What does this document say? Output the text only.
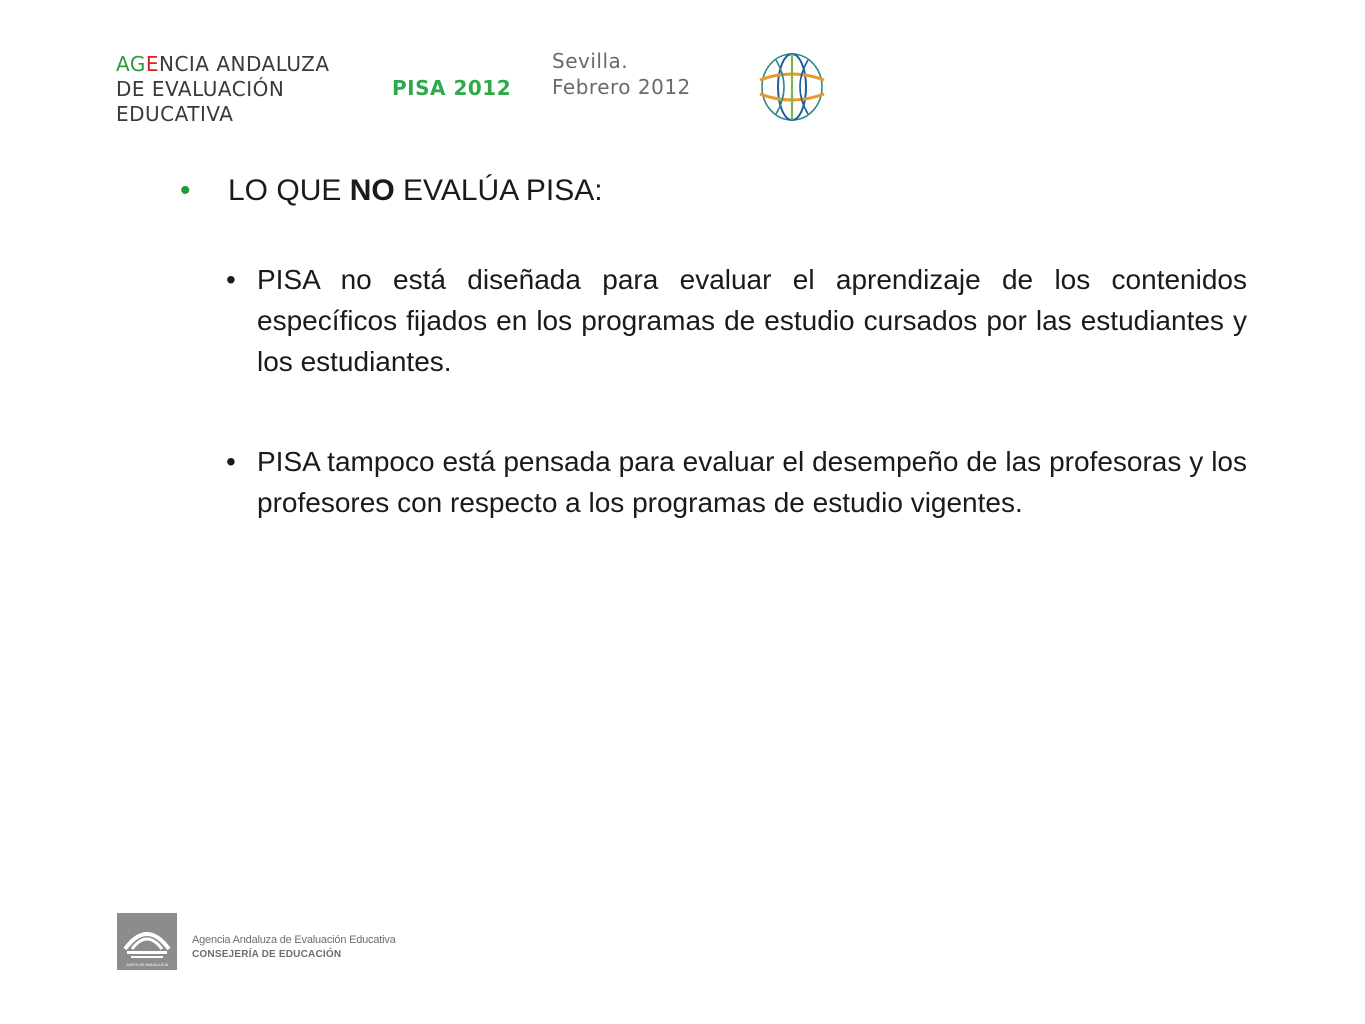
AGENCIA ANDALUZA
DE EVALUACIÓN
EDUCATIVA
PISA 2012
Sevilla.
Febrero 2012
• LO QUE NO EVALÚA PISA:
• PISA no está diseñada para evaluar el aprendizaje de los contenidos específicos fijados en los programas de estudio cursados por las estudiantes y los estudiantes.
• PISA tampoco está pensada para evaluar el desempeño de las profesoras y los profesores con respecto a los programas de estudio vigentes.
JUNTA DE ANDALUCIA
Agencia Andaluza de Evaluación Educativa
CONSEJERÍA DE EDUCACIÓN
